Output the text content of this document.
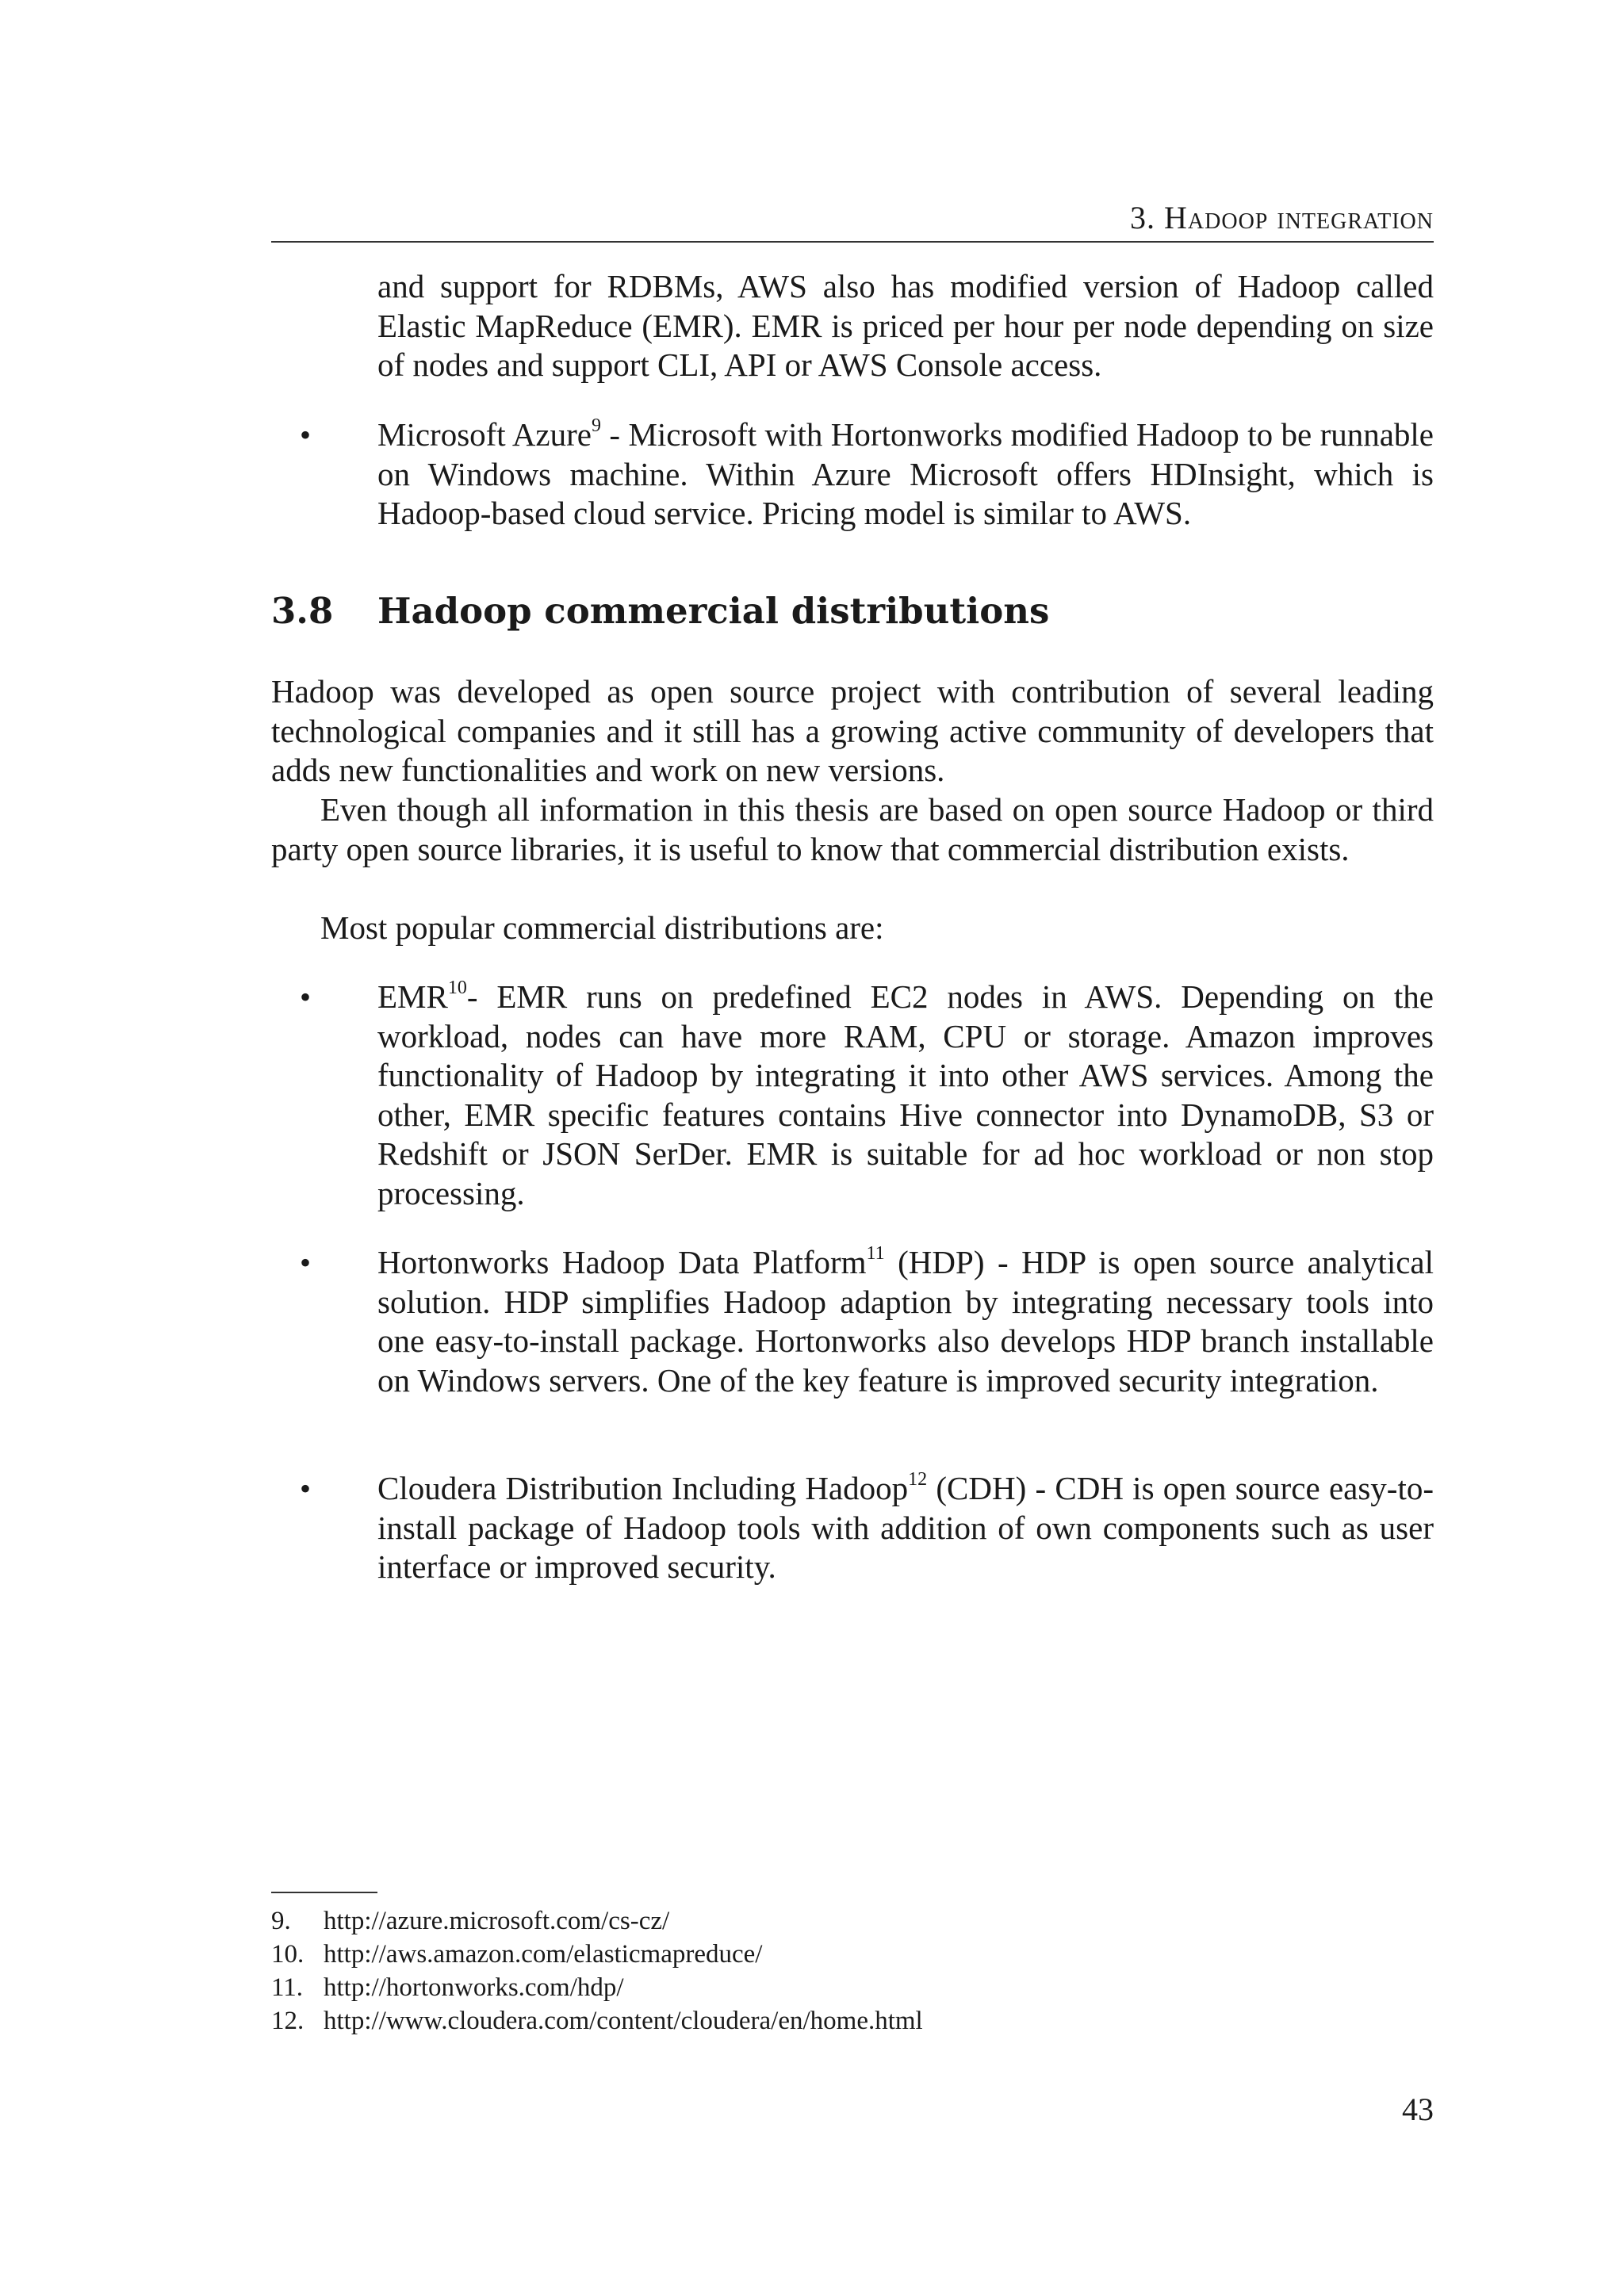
3. Hadoop integration
and support for RDBMs, AWS also has modified version of Hadoop called Elastic MapReduce (EMR). EMR is priced per hour per node depending on size of nodes and support CLI, API or AWS Console access.
• Microsoft Azure$^9$ - Microsoft with Hortonworks modified Hadoop to be runnable on Windows machine. Within Azure Microsoft offers HDInsight, which is Hadoop-based cloud service. Pricing model is similar to AWS.
3.8 Hadoop commercial distributions
Hadoop was developed as open source project with contribution of several leading technological companies and it still has a growing active community of developers that adds new functionalities and work on new versions.
Even though all information in this thesis are based on open source Hadoop or third party open source libraries, it is useful to know that commercial distribution exists.
Most popular commercial distributions are:
• EMR$^{10}$- EMR runs on predefined EC2 nodes in AWS. Depending on the workload, nodes can have more RAM, CPU or storage. Amazon improves functionality of Hadoop by integrating it into other AWS services. Among the other, EMR specific features contains Hive connector into DynamoDB, S3 or Redshift or JSON SerDer. EMR is suitable for ad hoc workload or non stop processing.
• Hortonworks Hadoop Data Platform$^{11}$ (HDP) - HDP is open source analytical solution. HDP simplifies Hadoop adaption by integrating necessary tools into one easy-to-install package. Hortonworks also develops HDP branch installable on Windows servers. One of the key feature is improved security integration.
• Cloudera Distribution Including Hadoop$^{12}$ (CDH) - CDH is open source easy-to-install package of Hadoop tools with addition of own components such as user interface or improved security.
9. http://azure.microsoft.com/cs-cz/
10. http://aws.amazon.com/elasticmapreduce/
11. http://hortonworks.com/hdp/
12. http://www.cloudera.com/content/cloudera/en/home.html
43
